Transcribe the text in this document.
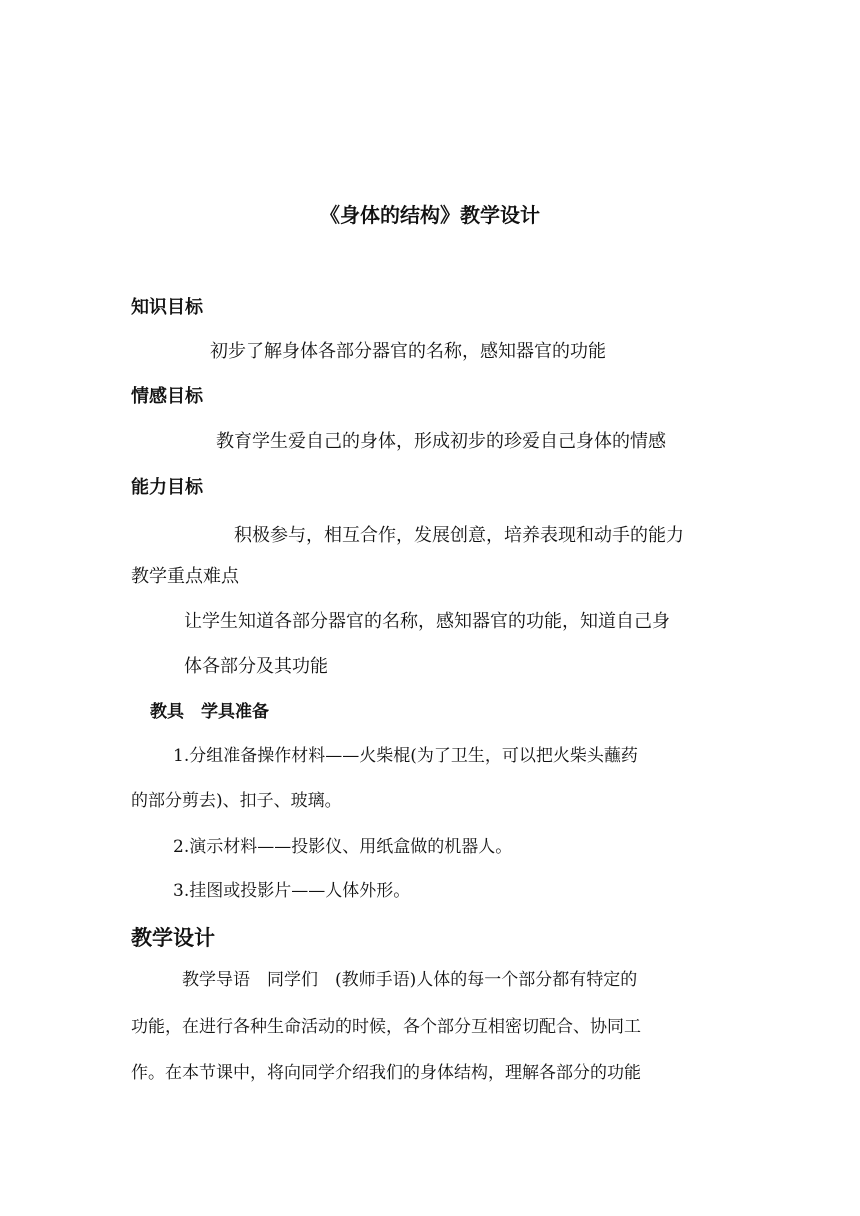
《身体的结构》教学设计
知识目标
初步了解身体各部分器官的名称，感知器官的功能
情感目标
教育学生爱自己的身体，形成初步的珍爱自己身体的情感
能力目标
积极参与，相互合作，发展创意，培养表现和动手的能力
教学重点难点
让学生知道各部分器官的名称，感知器官的功能，知道自己身
体各部分及其功能
教具　学具准备
1.分组准备操作材料——火柴棍(为了卫生，可以把火柴头蘸药
的部分剪去)、扣子、玻璃。
2.演示材料——投影仪、用纸盒做的机器人。
3.挂图或投影片——人体外形。
教学设计
教学导语　同学们　(教师手语)人体的每一个部分都有特定的
功能，在进行各种生命活动的时候，各个部分互相密切配合、协同工
作。在本节课中，将向同学介绍我们的身体结构，理解各部分的功能
